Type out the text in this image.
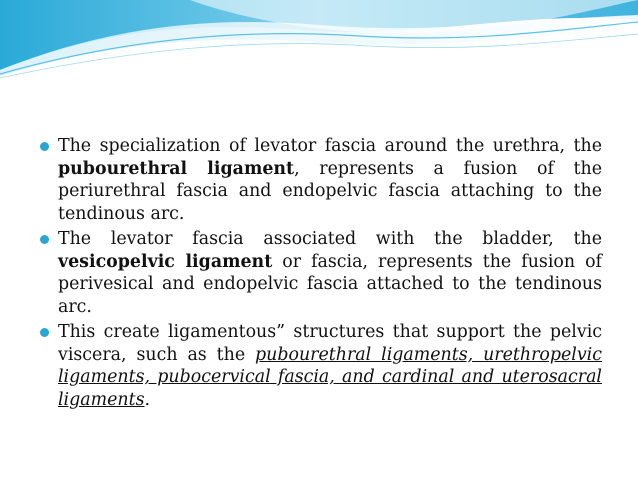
The specialization of levator fascia around the urethra, the pubourethral ligament, represents a fusion of the periurethral fascia and endopelvic fascia attaching to the tendinous arc.

The levator fascia associated with the bladder, the vesicopelvic ligament or fascia, represents the fusion of perivesical and endopelvic fascia attached to the tendinous arc.

This create ligamentous” structures that support the pelvic viscera, such as the pubourethral ligaments, urethropelvic ligaments, pubocervical fascia, and cardinal and uterosacral ligaments.
